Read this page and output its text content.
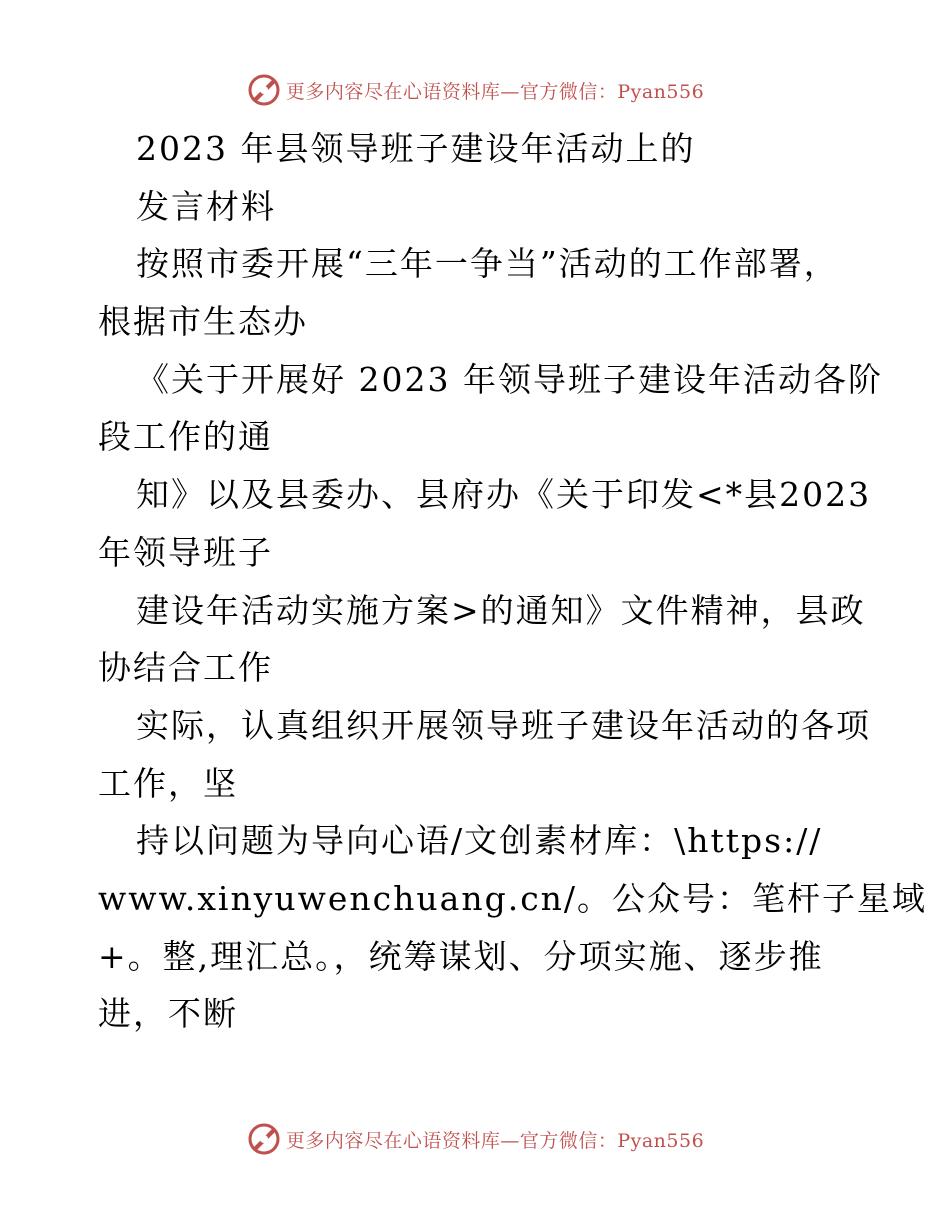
更多内容尽在心语资料库—官方微信：Pyan556
2023 年县领导班子建设年活动上的
发言材料
按照市委开展“三年一争当”活动的工作部署，
根据市生态办
《关于开展好 2023 年领导班子建设年活动各阶
段工作的通
知》以及县委办、县府办《关于印发<*县2023
年领导班子
建设年活动实施方案>的通知》文件精神，县政
协结合工作
实际，认真组织开展领导班子建设年活动的各项
工作，坚
持以问题为导向心语/文创素材库：\https://
www.xinyuwenchuang.cn/。公众号：笔杆子星域
+。整,理汇总。，统筹谋划、分项实施、逐步推
进，不断
更多内容尽在心语资料库—官方微信：Pyan556
